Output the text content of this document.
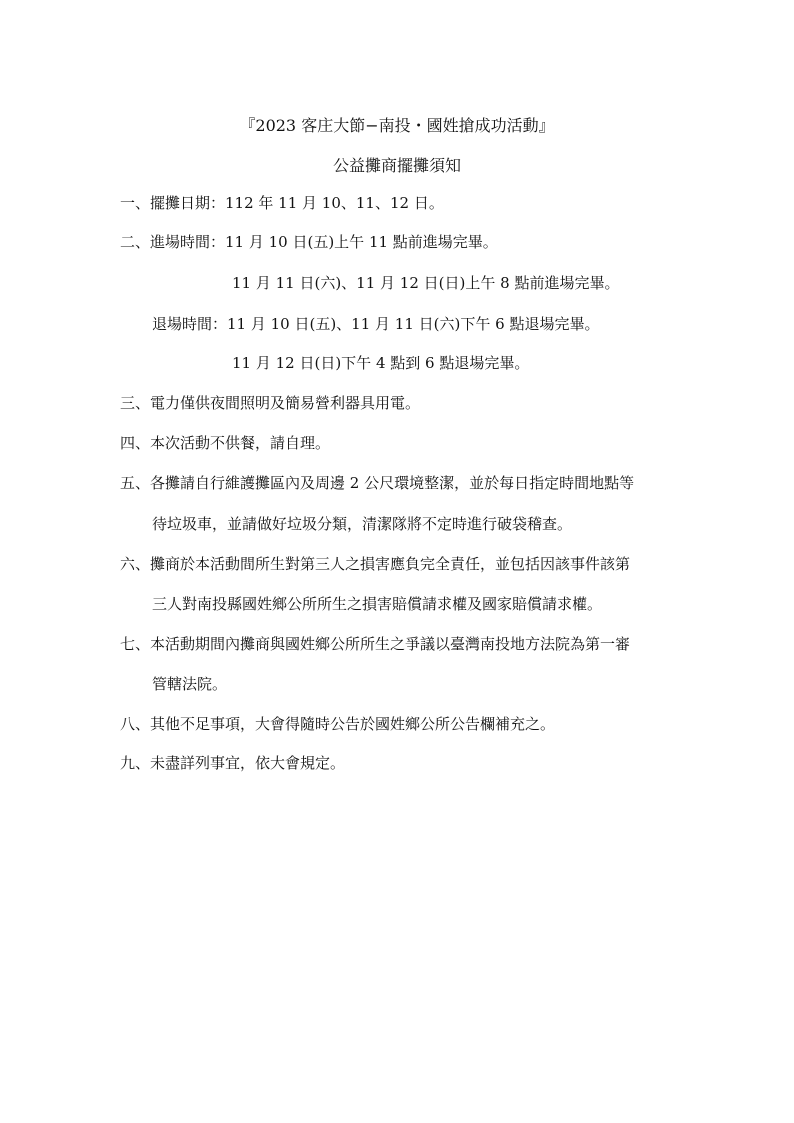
『2023 客庄大節−南投・國姓搶成功活動』
公益攤商擺攤須知
一、擺攤日期：112 年 11 月 10、11、12 日。
二、進場時間：11 月 10 日(五)上午 11 點前進場完畢。
11 月 11 日(六)、11 月 12 日(日)上午 8 點前進場完畢。
退場時間：11 月 10 日(五)、11 月 11 日(六)下午 6 點退場完畢。
11 月 12 日(日)下午 4 點到 6 點退場完畢。
三、電力僅供夜間照明及簡易營利器具用電。
四、本次活動不供餐，請自理。
五、各攤請自行維護攤區內及周邊 2 公尺環境整潔，並於每日指定時間地點等
待垃圾車，並請做好垃圾分類，清潔隊將不定時進行破袋稽查。
六、攤商於本活動間所生對第三人之損害應負完全責任，並包括因該事件該第
三人對南投縣國姓鄉公所所生之損害賠償請求權及國家賠償請求權。
七、本活動期間內攤商與國姓鄉公所所生之爭議以臺灣南投地方法院為第一審
管轄法院。
八、其他不足事項，大會得隨時公告於國姓鄉公所公告欄補充之。
九、未盡詳列事宜，依大會規定。
